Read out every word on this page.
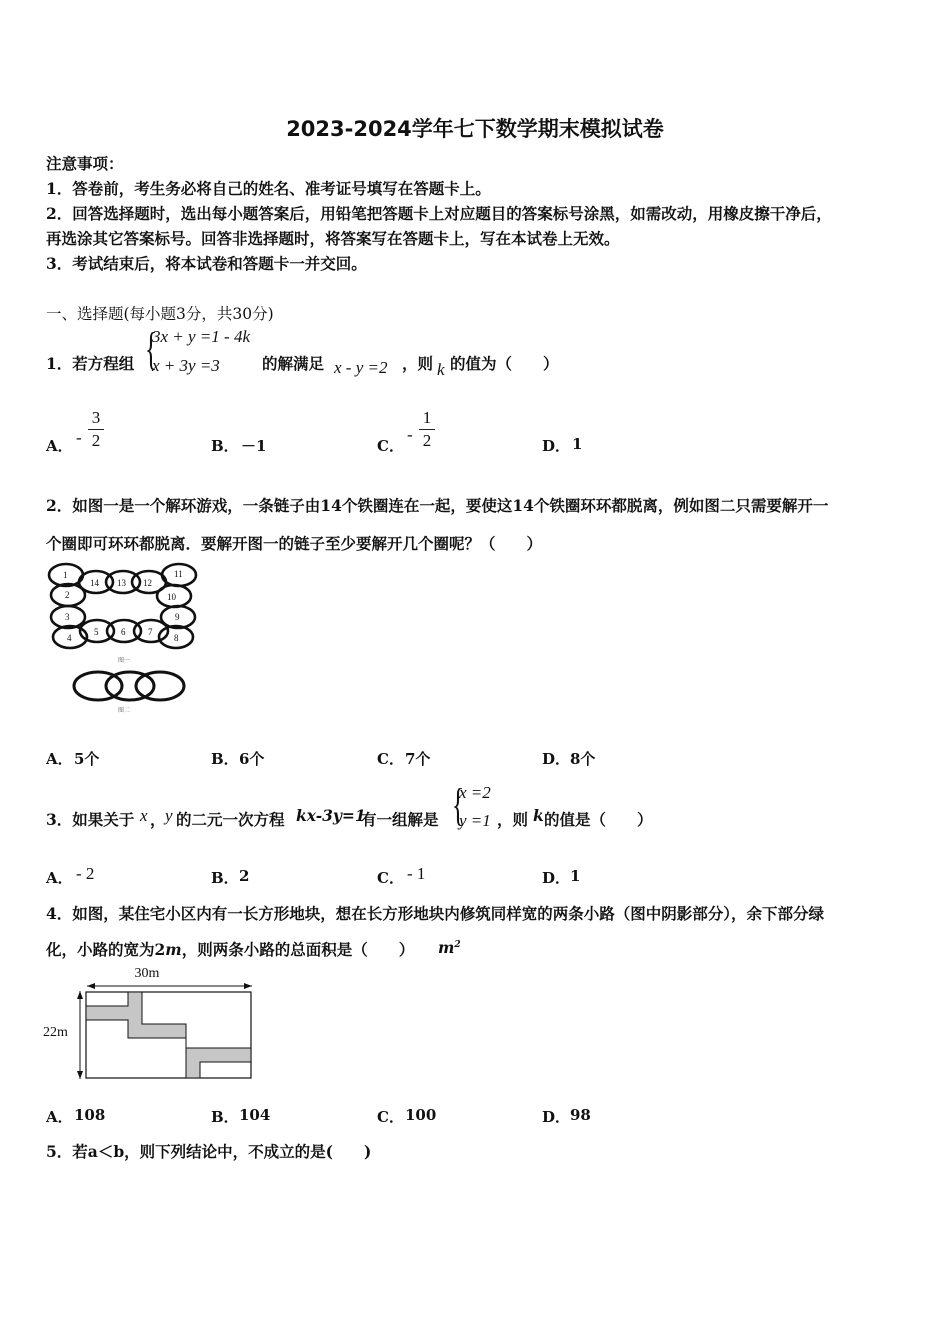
2023-2024学年七下数学期末模拟试卷
注意事项：
1．答卷前，考生务必将自己的姓名、准考证号填写在答题卡上。
2．回答选择题时，选出每小题答案后，用铅笔把答题卡上对应题目的答案标号涂黑，如需改动，用橡皮擦干净后，
再选涂其它答案标号。回答非选择题时，将答案写在答题卡上，写在本试卷上无效。
3．考试结束后，将本试卷和答题卡一并交回。
一、选择题(每小题3分，共30分)
1．若方程组 {
3x + y =1 - 4k
x + 3y =3	的解满足 x - y =2 ，则 k 的值为（　　）
A． -
3
2	B． －1	C．
-
1
2	D． 1
2．如图一是一个解环游戏，一条链子由14个铁圈连在一起，要使这14个铁圈环环都脱离，例如图二只需要解开一
个圈即可环环都脱离．要解开图一的链子至少要解开几个圈呢？（　　）
1
14 13 12
11
2	10
3	9
4
5	6	7
8
图一
图二
A． 5个	B． 6个	C． 7个	D． 8个
3．如果关于 x ， y 的二元一次方程 kx-3y=1
有一组解是 {
x =2
y =1 ，则 k 的值是（　　）
A． - 2	B． 2	C． - 1	D． 1
4．如图，某住宅小区内有一长方形地块，想在长方形地块内修筑同样宽的两条小路（图中阴影部分），余下部分绿
化，小路的宽为2m，则两条小路的总面积是（　　） $m^2$
30m
22m
A． 108	B． 104	C． 100	D． 98
5．若a＜b，则下列结论中，不成立的是(　　)
